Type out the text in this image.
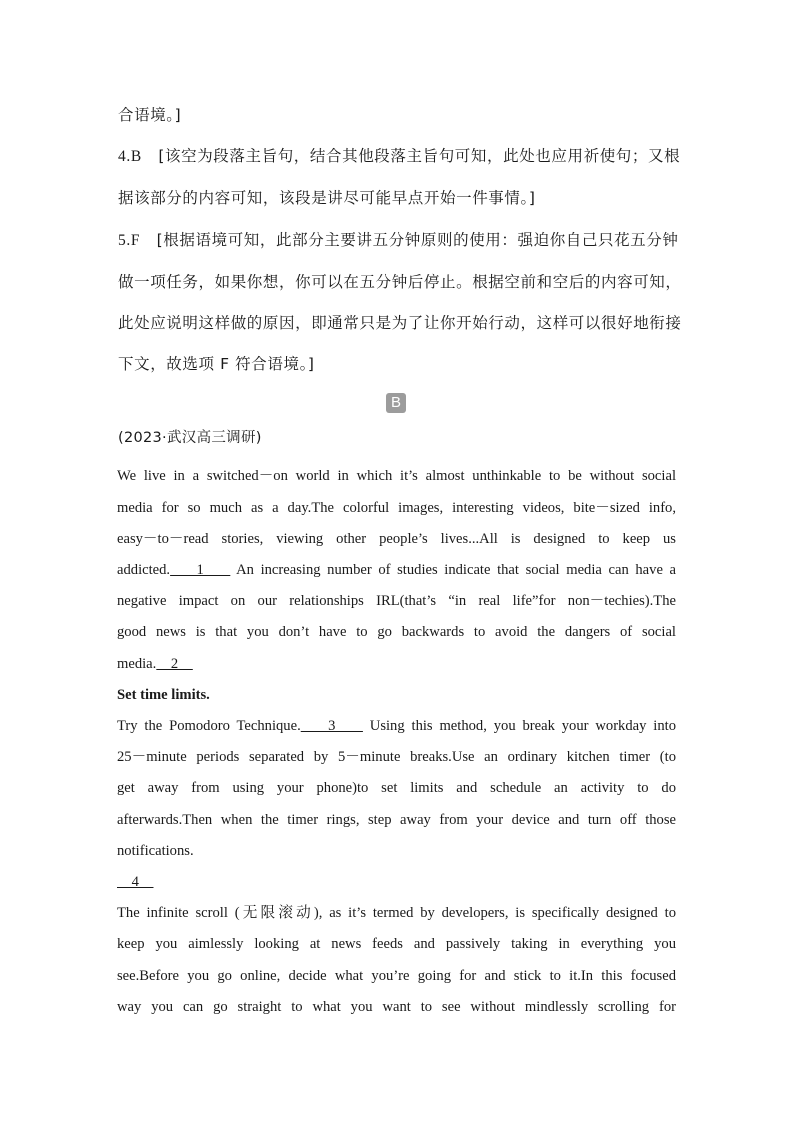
合语境。]
4.B [该空为段落主旨句，结合其他段落主旨句可知，此处也应用祈使句；又根
据该部分的内容可知，该段是讲尽可能早点开始一件事情。]
5.F [根据语境可知，此部分主要讲五分钟原则的使用：强迫你自己只花五分钟
做一项任务，如果你想，你可以在五分钟后停止。根据空前和空后的内容可知，
此处应说明这样做的原因，即通常只是为了让你开始行动，这样可以很好地衔接
下文，故选项 F 符合语境。]
B
(2023·武汉高三调研)
We live in a switched－on world in which it’s almost unthinkable to be without social
media for so much as a day.The colorful images, interesting videos, bite－sized info,
easy－to－read stories, viewing other people’s lives...All is designed to keep us
addicted.    1     An increasing number of studies indicate that social media can have a
negative impact on our relationships IRL(that’s “in real life”for non－techies).The
good news is that you don’t have to go backwards to avoid the dangers of social
media.    2
Set time limits.
Try the Pomodoro Technique.    3     Using this method, you break your workday into
25－minute periods separated by 5－minute breaks.Use an ordinary kitchen timer (to
get away from using your phone)to set limits and schedule an activity to do
afterwards.Then when the timer rings, step away from your device and turn off those
notifications.
4
The infinite scroll (无限滚动), as it’s termed by developers, is specifically designed to
keep you aimlessly looking at news feeds and passively taking in everything you
see.Before you go online, decide what you’re going for and stick to it.In this focused
way you can go straight to what you want to see without mindlessly scrolling for
